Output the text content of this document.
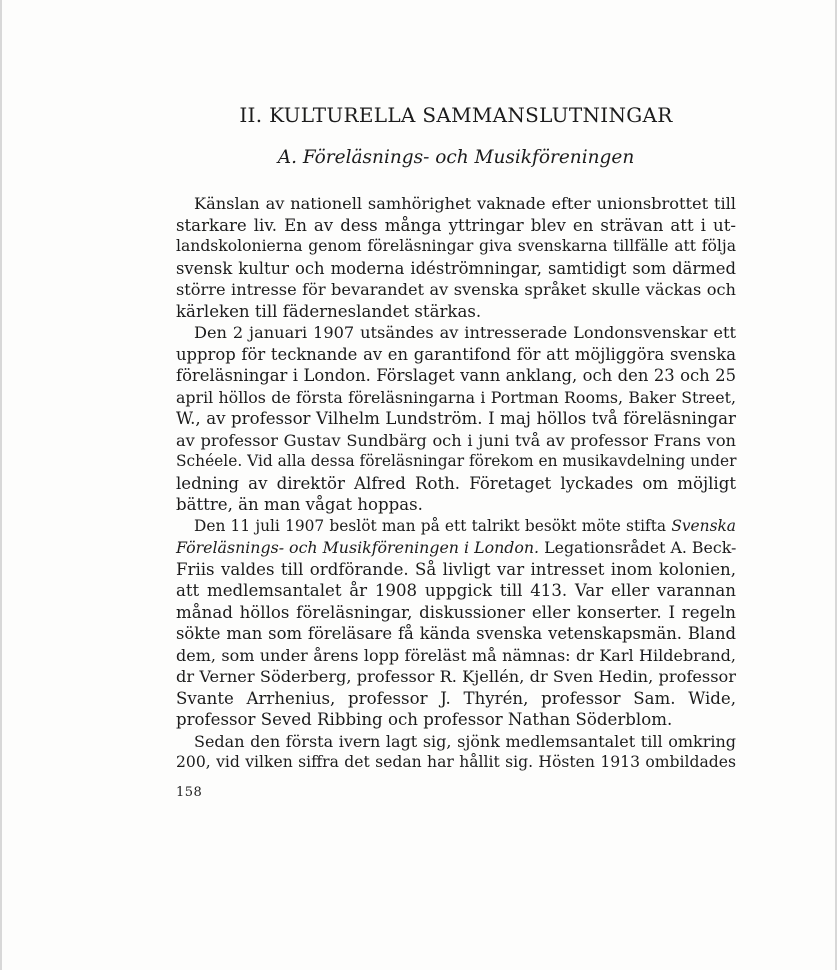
II. KULTURELLA SAMMANSLUTNINGAR
A. Föreläsnings- och Musikföreningen
Känslan av nationell samhörighet vaknade efter unionsbrottet till
starkare liv. En av dess många yttringar blev en strävan att i ut-
landskolonierna genom föreläsningar giva svenskarna tillfälle att följa
svensk kultur och moderna idéströmningar, samtidigt som därmed
större intresse för bevarandet av svenska språket skulle väckas och
kärleken till fäderneslandet stärkas.
Den 2 januari 1907 utsändes av intresserade Londonsvenskar ett
upprop för tecknande av en garantifond för att möjliggöra svenska
föreläsningar i London. Förslaget vann anklang, och den 23 och 25
april höllos de första föreläsningarna i Portman Rooms, Baker Street,
W., av professor Vilhelm Lundström. I maj höllos två föreläsningar
av professor Gustav Sundbärg och i juni två av professor Frans von
Schéele. Vid alla dessa föreläsningar förekom en musikavdelning under
ledning av direktör Alfred Roth. Företaget lyckades om möjligt
bättre, än man vågat hoppas.
Den 11 juli 1907 beslöt man på ett talrikt besökt möte stifta Svenska
Föreläsnings- och Musikföreningen i London. Legationsrådet A. Beck-
Friis valdes till ordförande. Så livligt var intresset inom kolonien,
att medlemsantalet år 1908 uppgick till 413. Var eller varannan
månad höllos föreläsningar, diskussioner eller konserter. I regeln
sökte man som föreläsare få kända svenska vetenskapsmän. Bland
dem, som under årens lopp föreläst må nämnas: dr Karl Hildebrand,
dr Verner Söderberg, professor R. Kjellén, dr Sven Hedin, professor
Svante Arrhenius, professor J. Thyrén, professor Sam. Wide,
professor Seved Ribbing och professor Nathan Söderblom.
Sedan den första ivern lagt sig, sjönk medlemsantalet till omkring
200, vid vilken siffra det sedan har hållit sig. Hösten 1913 ombildades
158
